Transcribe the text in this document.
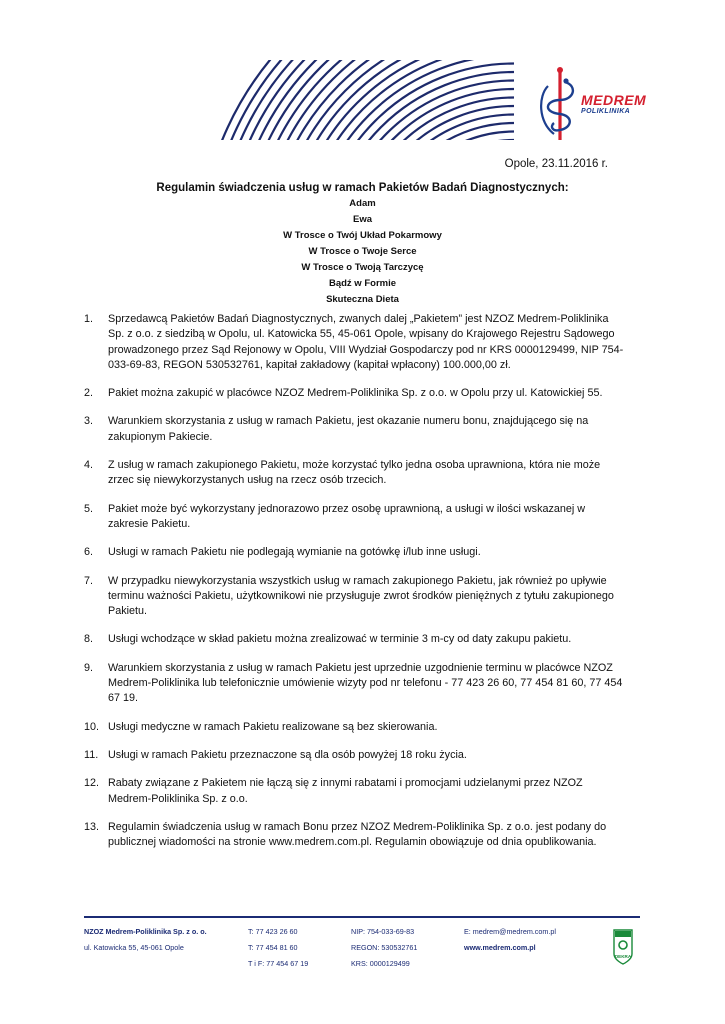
MEDREM
POLIKLINIKA
Opole, 23.11.2016 r.
Regulamin świadczenia usług w ramach Pakietów Badań Diagnostycznych:
Adam
Ewa
W Trosce o Twój Układ Pokarmowy
W Trosce o Twoje Serce
W Trosce o Twoją Tarczycę
Bądź w Formie
Skuteczna Dieta
1. Sprzedawcą Pakietów Badań Diagnostycznych, zwanych dalej „Pakietem” jest NZOZ Medrem-Poliklinika Sp. z o.o. z siedzibą w Opolu, ul. Katowicka 55, 45-061 Opole, wpisany do Krajowego Rejestru Sądowego prowadzonego przez Sąd Rejonowy w Opolu, VIII Wydział Gospodarczy pod nr KRS 0000129499, NIP 754-033-69-83, REGON 530532761, kapitał zakładowy (kapitał wpłacony) 100.000,00 zł.
2. Pakiet można zakupić w placówce NZOZ Medrem-Poliklinika Sp. z o.o. w Opolu przy ul. Katowickiej 55.
3. Warunkiem skorzystania z usług w ramach Pakietu, jest okazanie numeru bonu, znajdującego się na zakupionym Pakiecie.
4. Z usług w ramach zakupionego Pakietu, może korzystać tylko jedna osoba uprawniona, która nie może zrzec się niewykorzystanych usług na rzecz osób trzecich.
5. Pakiet może być wykorzystany jednorazowo przez osobę uprawnioną, a usługi w ilości wskazanej w zakresie Pakietu.
6. Usługi w ramach Pakietu nie podlegają wymianie na gotówkę i/lub inne usługi.
7. W przypadku niewykorzystania wszystkich usług w ramach zakupionego Pakietu, jak również po upływie terminu ważności Pakietu, użytkownikowi nie przysługuje zwrot środków pieniężnych z tytułu zakupionego Pakietu.
8. Usługi wchodzące w skład pakietu można zrealizować w terminie 3 m-cy od daty zakupu pakietu.
9. Warunkiem skorzystania z usług w ramach Pakietu jest uprzednie uzgodnienie terminu w placówce NZOZ Medrem-Poliklinika lub telefonicznie umówienie wizyty pod nr telefonu - 77 423 26 60, 77 454 81 60, 77 454 67 19.
10. Usługi medyczne w ramach Pakietu realizowane są bez skierowania.
11. Usługi w ramach Pakietu przeznaczone są dla osób powyżej 18 roku życia.
12. Rabaty związane z Pakietem nie łączą się z innymi rabatami i promocjami udzielanymi przez NZOZ Medrem-Poliklinika Sp. z o.o.
13. Regulamin świadczenia usług w ramach Bonu przez NZOZ Medrem-Poliklinika Sp. z o.o. jest podany do publicznej wiadomości na stronie www.medrem.com.pl. Regulamin obowiązuje od dnia opublikowania.
NZOZ Medrem-Poliklinika Sp. z o. o.
ul. Katowicka 55, 45-061 Opole
T: 77 423 26 60
T: 77 454 81 60
T i F: 77 454 67 19
NIP: 754-033-69-83
REGON: 530532761
KRS: 0000129499
E: medrem@medrem.com.pl
www.medrem.com.pl
DEKRA
